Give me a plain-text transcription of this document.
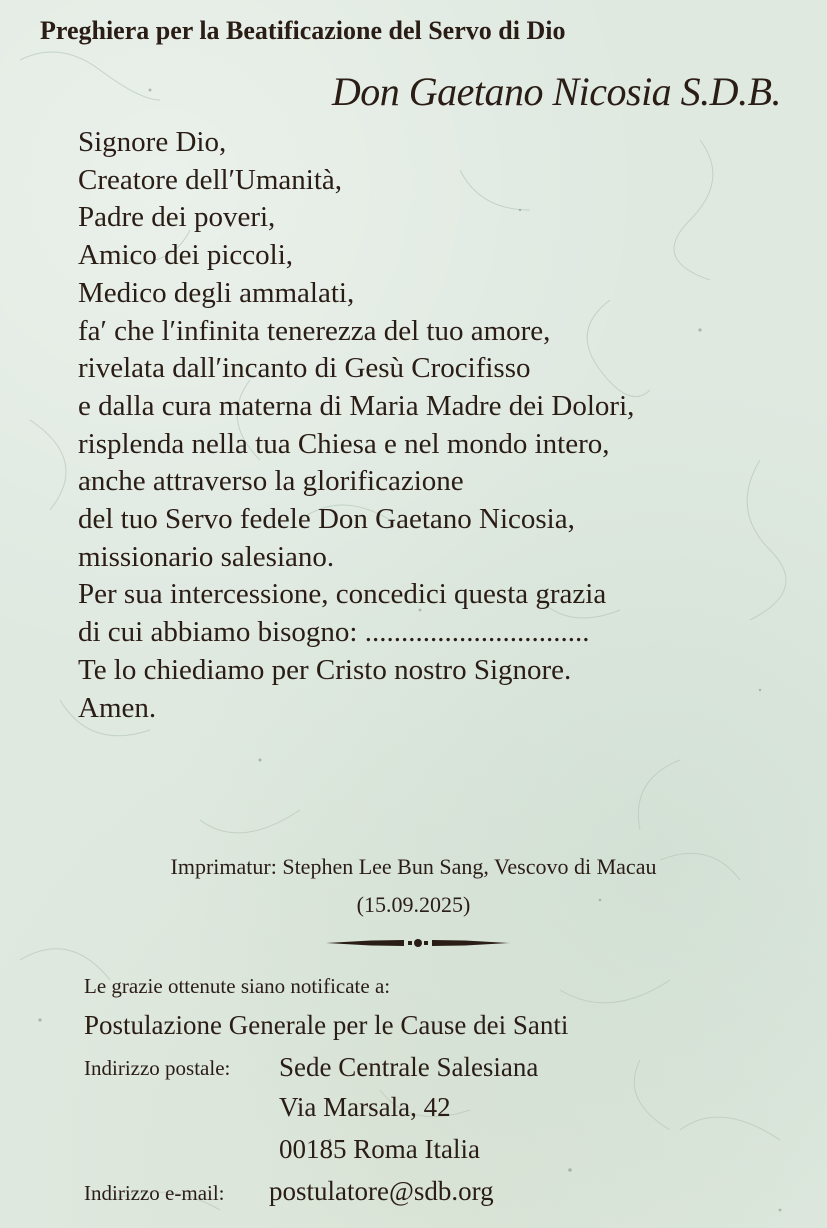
Preghiera per la Beatificazione del Servo di Dio
Don Gaetano Nicosia S.D.B.
Signore Dio,
Creatore dell′Umanità,
Padre dei poveri,
Amico dei piccoli,
Medico degli ammalati,
fa′ che l′infinita tenerezza del tuo amore,
rivelata dall′incanto di Gesù Crocifisso
e dalla cura materna di Maria Madre dei Dolori,
risplenda nella tua Chiesa e nel mondo intero,
anche attraverso la glorificazione
del tuo Servo fedele Don Gaetano Nicosia,
missionario salesiano.
Per sua intercessione, concedici questa grazia
di cui abbiamo bisogno: ...............................
Te lo chiediamo per Cristo nostro Signore.
Amen.
Imprimatur: Stephen Lee Bun Sang, Vescovo di Macau
(15.09.2025)
Le grazie ottenute siano notificate a:
Postulazione Generale per le Cause dei Santi
Indirizzo postale: Sede Centrale Salesiana
Via Marsala, 42
00185 Roma Italia
Indirizzo e-mail: postulatore@sdb.org
